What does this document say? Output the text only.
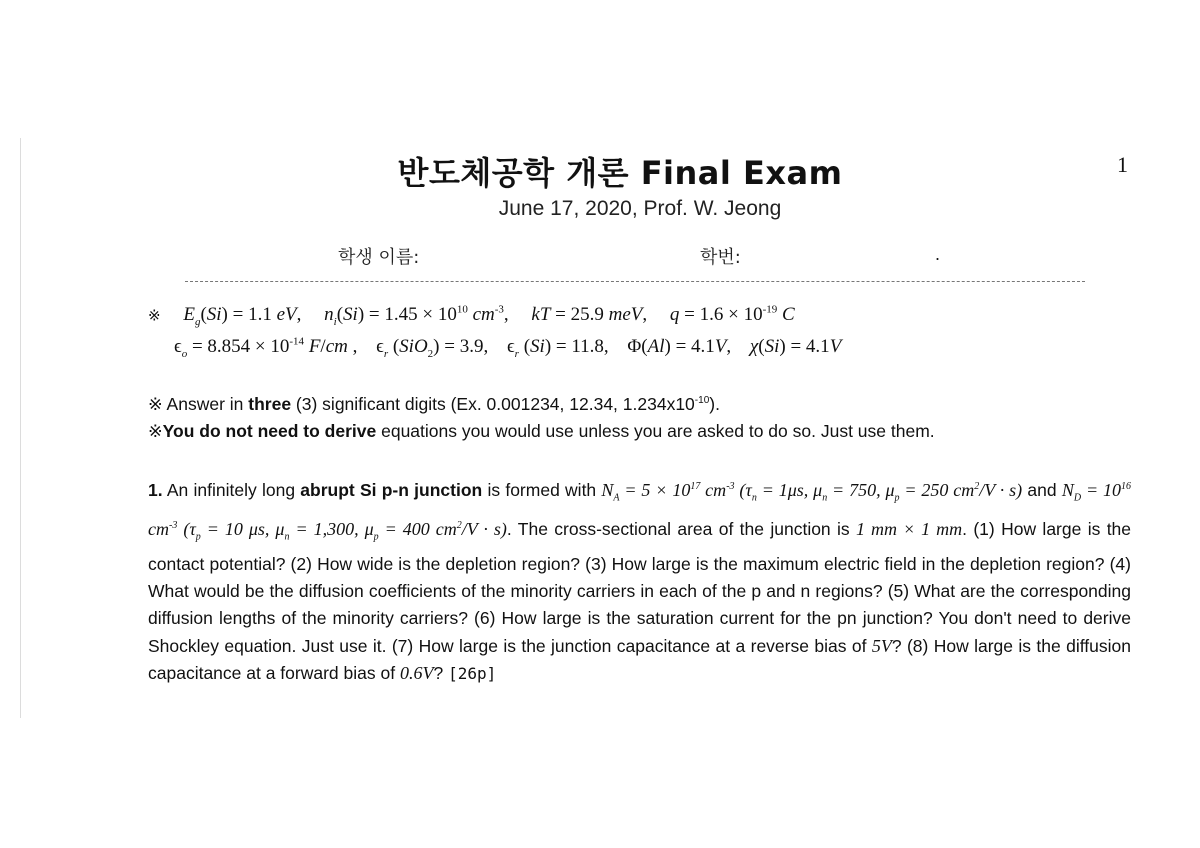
반도체공학 개론 Final Exam	1
June 17, 2020, Prof. W. Jeong
학생 이름:	학번:	.
※ $E_g(Si) = 1.1$ eV, $n_i(Si) = 1.45 \times 10^{10}$ $cm^{-3}$, kT = 25.9 meV, $q = 1.6 \times 10^{-19}$ C
$\epsilon_o = 8.854 \times 10^{-14}$ F/cm , $\epsilon_r$ (SiO$_2$) = 3.9, $\epsilon_r$ (Si) = 11.8, Φ(Al) = 4.1V, χ(Si) = 4.1V
※ Answer in three (3) significant digits (Ex. 0.001234, 12.34, $1.234x10^{-10}$).
※You do not need to derive equations you would use unless you are asked to do so. Just use them.
1. An infinitely long abrupt Si p-n junction is formed with $N_A = 5 \times 10^{17}$ $cm^{-3}$ ($\tau_n = 1\mu s$, $\mu_n = 750$, $\mu_p = 250$ $cm^2/V \cdot s$) and $N_D = 10^{16}$ $cm^{-3}$ ($\tau_p = 10$ μs, $\mu_n = 1,300$, $\mu_p = 400$ $cm^2/V \cdot s$). The cross-sectional area of the junction is 1 mm × 1 mm. (1) How large is the contact potential? (2) How wide is the depletion region? (3) How large is the maximum electric field in the depletion region? (4) What would be the diffusion coefficients of the minority carriers in each of the p and n regions? (5) What are the corresponding diffusion lengths of the minority carriers? (6) How large is the saturation current for the pn junction? You don't need to derive Shockley equation. Just use it. (7) How large is the junction capacitance at a reverse bias of 5V? (8) How large is the diffusion capacitance at a forward bias of 0.6V? [26p]
